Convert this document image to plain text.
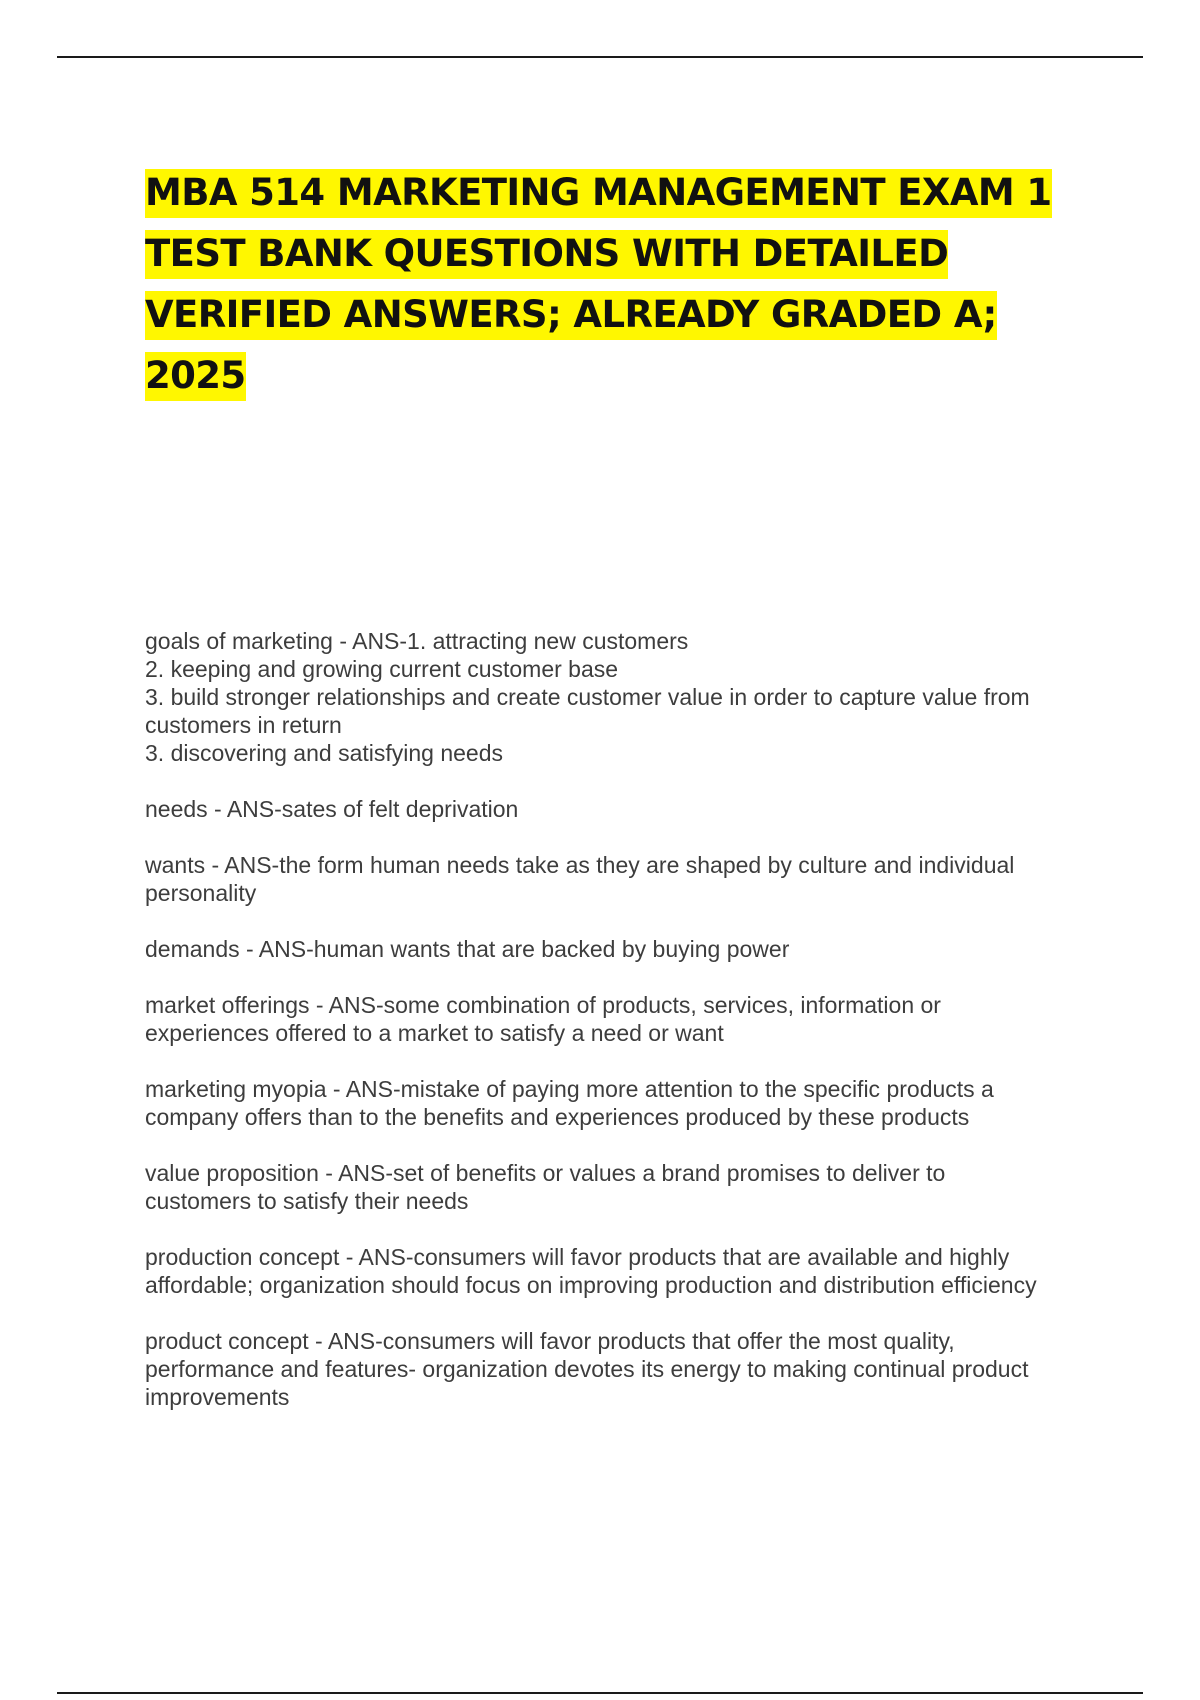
MBA 514 MARKETING MANAGEMENT EXAM 1 TEST BANK QUESTIONS WITH DETAILED VERIFIED ANSWERS; ALREADY GRADED A; 2025
goals of marketing - ANS-1. attracting new customers
2. keeping and growing current customer base
3. build stronger relationships and create customer value in order to capture value from
customers in return
3. discovering and satisfying needs
needs - ANS-sates of felt deprivation
wants - ANS-the form human needs take as they are shaped by culture and individual
personality
demands - ANS-human wants that are backed by buying power
market offerings - ANS-some combination of products, services, information or
experiences offered to a market to satisfy a need or want
marketing myopia - ANS-mistake of paying more attention to the specific products a
company offers than to the benefits and experiences produced by these products
value proposition - ANS-set of benefits or values a brand promises to deliver to
customers to satisfy their needs
production concept - ANS-consumers will favor products that are available and highly
affordable; organization should focus on improving production and distribution efficiency
product concept - ANS-consumers will favor products that offer the most quality,
performance and features- organization devotes its energy to making continual product
improvements
